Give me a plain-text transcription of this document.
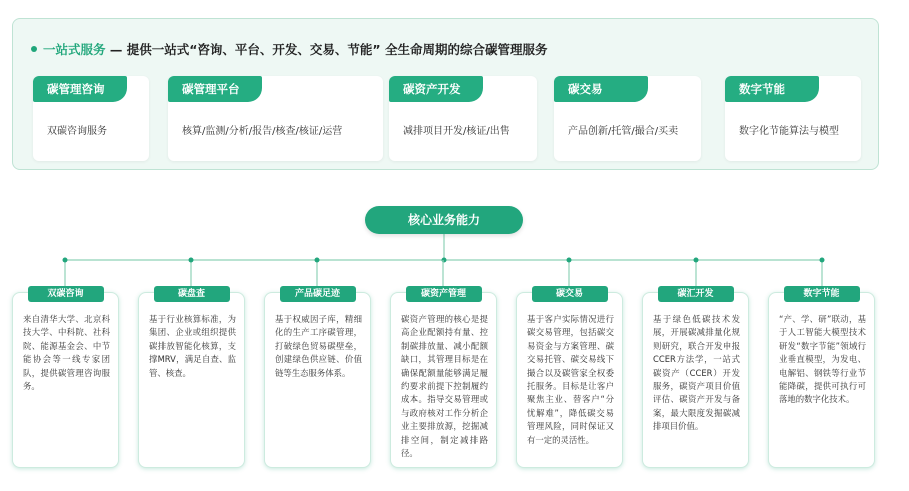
一站式服务 — 提供一站式“咨询、平台、开发、交易、节能” 全生命周期的综合碳管理服务
碳管理咨询
双碳咨询服务
碳管理平台
核算/监测/分析/报告/核查/核证/运营
碳资产开发
减排项目开发/核证/出售
碳交易
产品创新/托管/撮合/买卖
数字节能
数字化节能算法与模型
核心业务能力
双碳咨询
来自清华大学、北京科技大学、中科院、社科院、能源基金会、中节能协会等一线专家团队，提供碳管理咨询服务。
碳盘查
基于行业核算标准，为集团、企业或组织提供碳排放智能化核算，支撑MRV，满足自查、监管、核查。
产品碳足迹
基于权威因子库，精细化的生产工序碳管理，打破绿色贸易碳壁垒，创建绿色供应链、价值链等生态服务体系。
碳资产管理
碳资产管理的核心是提高企业配额持有量、控制碳排放量、减小配额缺口，其管理目标是在确保配额量能够满足履约要求前提下控制履约成本。指导交易管理或与政府核对工作分析企业主要排放源，挖掘减排空间，制定减排路径。
碳交易
基于客户实际情况进行碳交易管理，包括碳交易资金与方案管理、碳交易托管、碳交易线下撮合以及碳管家全权委托服务。目标是让客户聚焦主业、替客户“分忧解难”，降低碳交易管理风险，同时保证又有一定的灵活性。
碳汇开发
基于绿色低碳技术发展，开展碳减排量化规则研究，联合开发申报CCER方法学，一站式碳资产（CCER）开发服务，碳资产项目价值评估、碳资产开发与备案，最大限度发掘碳减排项目价值。
数字节能
“产、学、研”联动，基于人工智能大模型技术研发“数字节能”领域行业垂直模型，为发电、电解铝、钢铁等行业节能降碳，提供可执行可落地的数字化技术。
